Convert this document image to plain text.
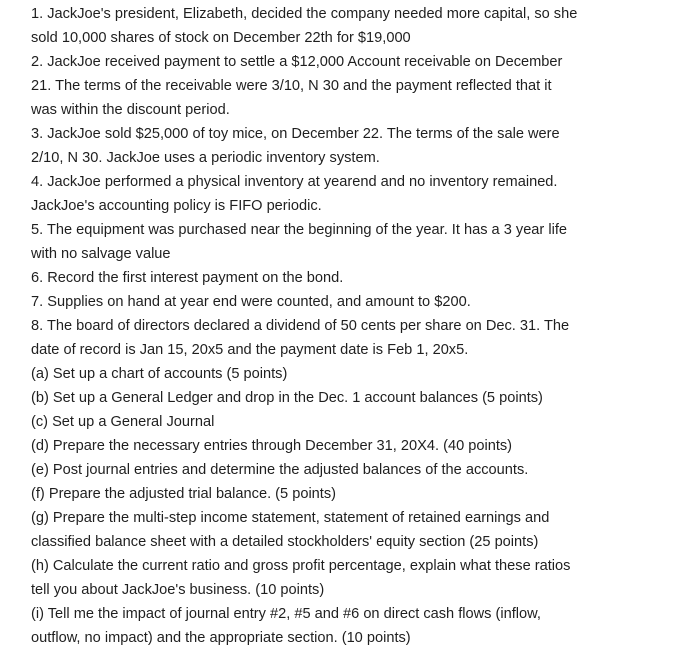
1. JackJoe's president, Elizabeth, decided the company needed more capital, so she
sold 10,000 shares of stock on December 22th for $19,000
2. JackJoe received payment to settle a $12,000 Account receivable on December
21. The terms of the receivable were 3/10, N 30 and the payment reflected that it
was within the discount period.
3. JackJoe sold $25,000 of toy mice, on December 22. The terms of the sale were
2/10, N 30. JackJoe uses a periodic inventory system.
4. JackJoe performed a physical inventory at yearend and no inventory remained.
JackJoe's accounting policy is FIFO periodic.
5. The equipment was purchased near the beginning of the year. It has a 3 year life
with no salvage value
6. Record the first interest payment on the bond.
7. Supplies on hand at year end were counted, and amount to $200.
8. The board of directors declared a dividend of 50 cents per share on Dec. 31. The
date of record is Jan 15, 20x5 and the payment date is Feb 1, 20x5.
(a) Set up a chart of accounts (5 points)
(b) Set up a General Ledger and drop in the Dec. 1 account balances (5 points)
(c) Set up a General Journal
(d) Prepare the necessary entries through December 31, 20X4. (40 points)
(e) Post journal entries and determine the adjusted balances of the accounts.
(f) Prepare the adjusted trial balance. (5 points)
(g) Prepare the multi-step income statement, statement of retained earnings and
classified balance sheet with a detailed stockholders' equity section (25 points)
(h) Calculate the current ratio and gross profit percentage, explain what these ratios
tell you about JackJoe's business. (10 points)
(i) Tell me the impact of journal entry #2, #5 and #6 on direct cash flows (inflow,
outflow, no impact) and the appropriate section. (10 points)
